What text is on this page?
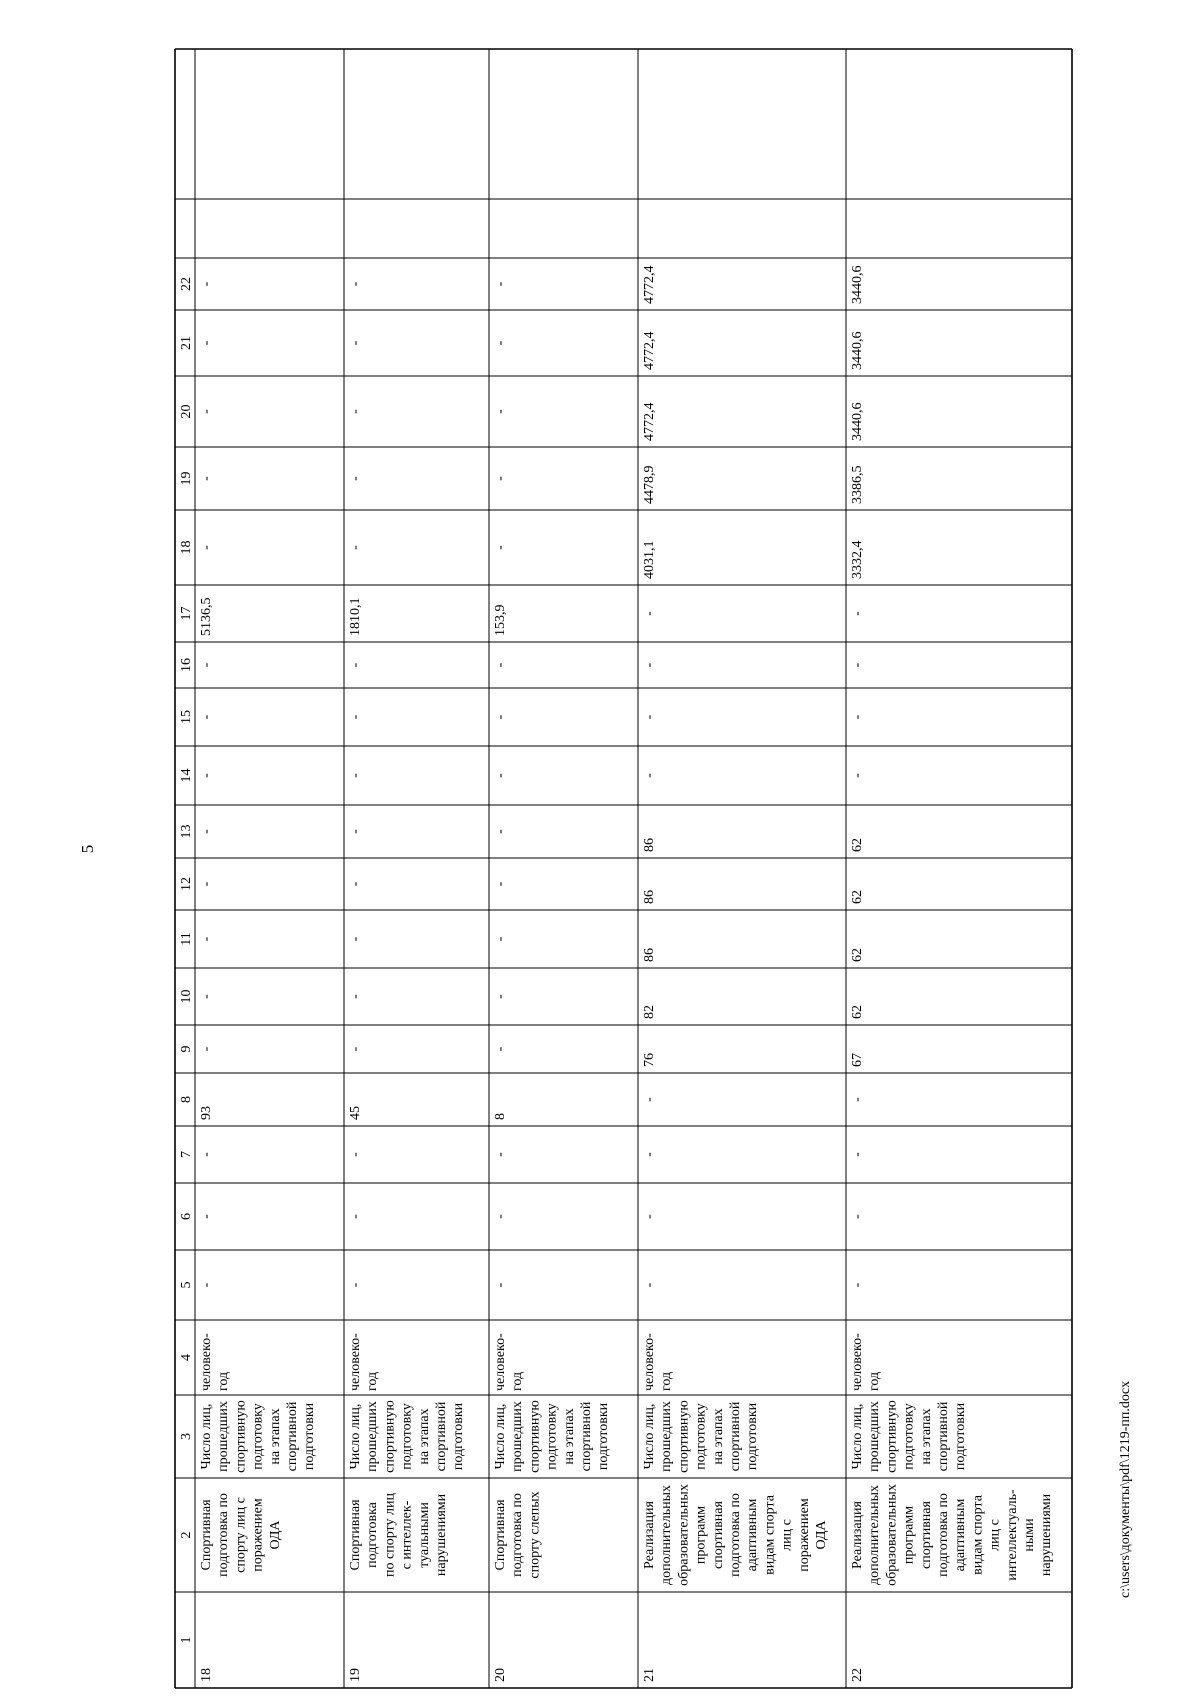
5
c:\users\документы\pdf\1219-пп.docx
1
2
3
4
5
6
7
8
9
10
11
12
13
14
15
16
17
18
19
20
21
22
18
Спортивная подготовка по спорту лиц с поражением ОДА
Число лиц, прошедших спортивную подготовку на этапах спортивной подготовки
человеко- год
-
-
-
93
-
-
-
-
-
-
-
-
5136,5
-
-
-
-
-
19
Спортивная подготовка по спорту лиц с интеллек- туальными нарушениями
Число лиц, прошедших спортивную подготовку на этапах спортивной подготовки
человеко- год
-
-
-
45
-
-
-
-
-
-
-
-
1810,1
-
-
-
-
-
20
Спортивная подготовка по спорту слепых
Число лиц, прошедших спортивную подготовку на этапах спортивной подготовки
человеко- год
-
-
-
8
-
-
-
-
-
-
-
-
153,9
-
-
-
-
-
21
Реализация дополнительных образовательных программ спортивная подготовка по адаптивным видам спорта лиц с поражением ОДА
Число лиц, прошедших спортивную подготовку на этапах спортивной подготовки
человеко- год
-
-
-
-
76
82
86
86
86
-
-
-
-
4031,1
4478,9
4772,4
4772,4
4772,4
22
Реализация дополнительных образовательных программ спортивная подготовка по адаптивным видам спорта лиц с интеллектуаль- ными нарушениями
Число лиц, прошедших спортивную подготовку на этапах спортивной подготовки
человеко- год
-
-
-
-
67
62
62
62
62
-
-
-
-
3332,4
3386,5
3440,6
3440,6
3440,6
